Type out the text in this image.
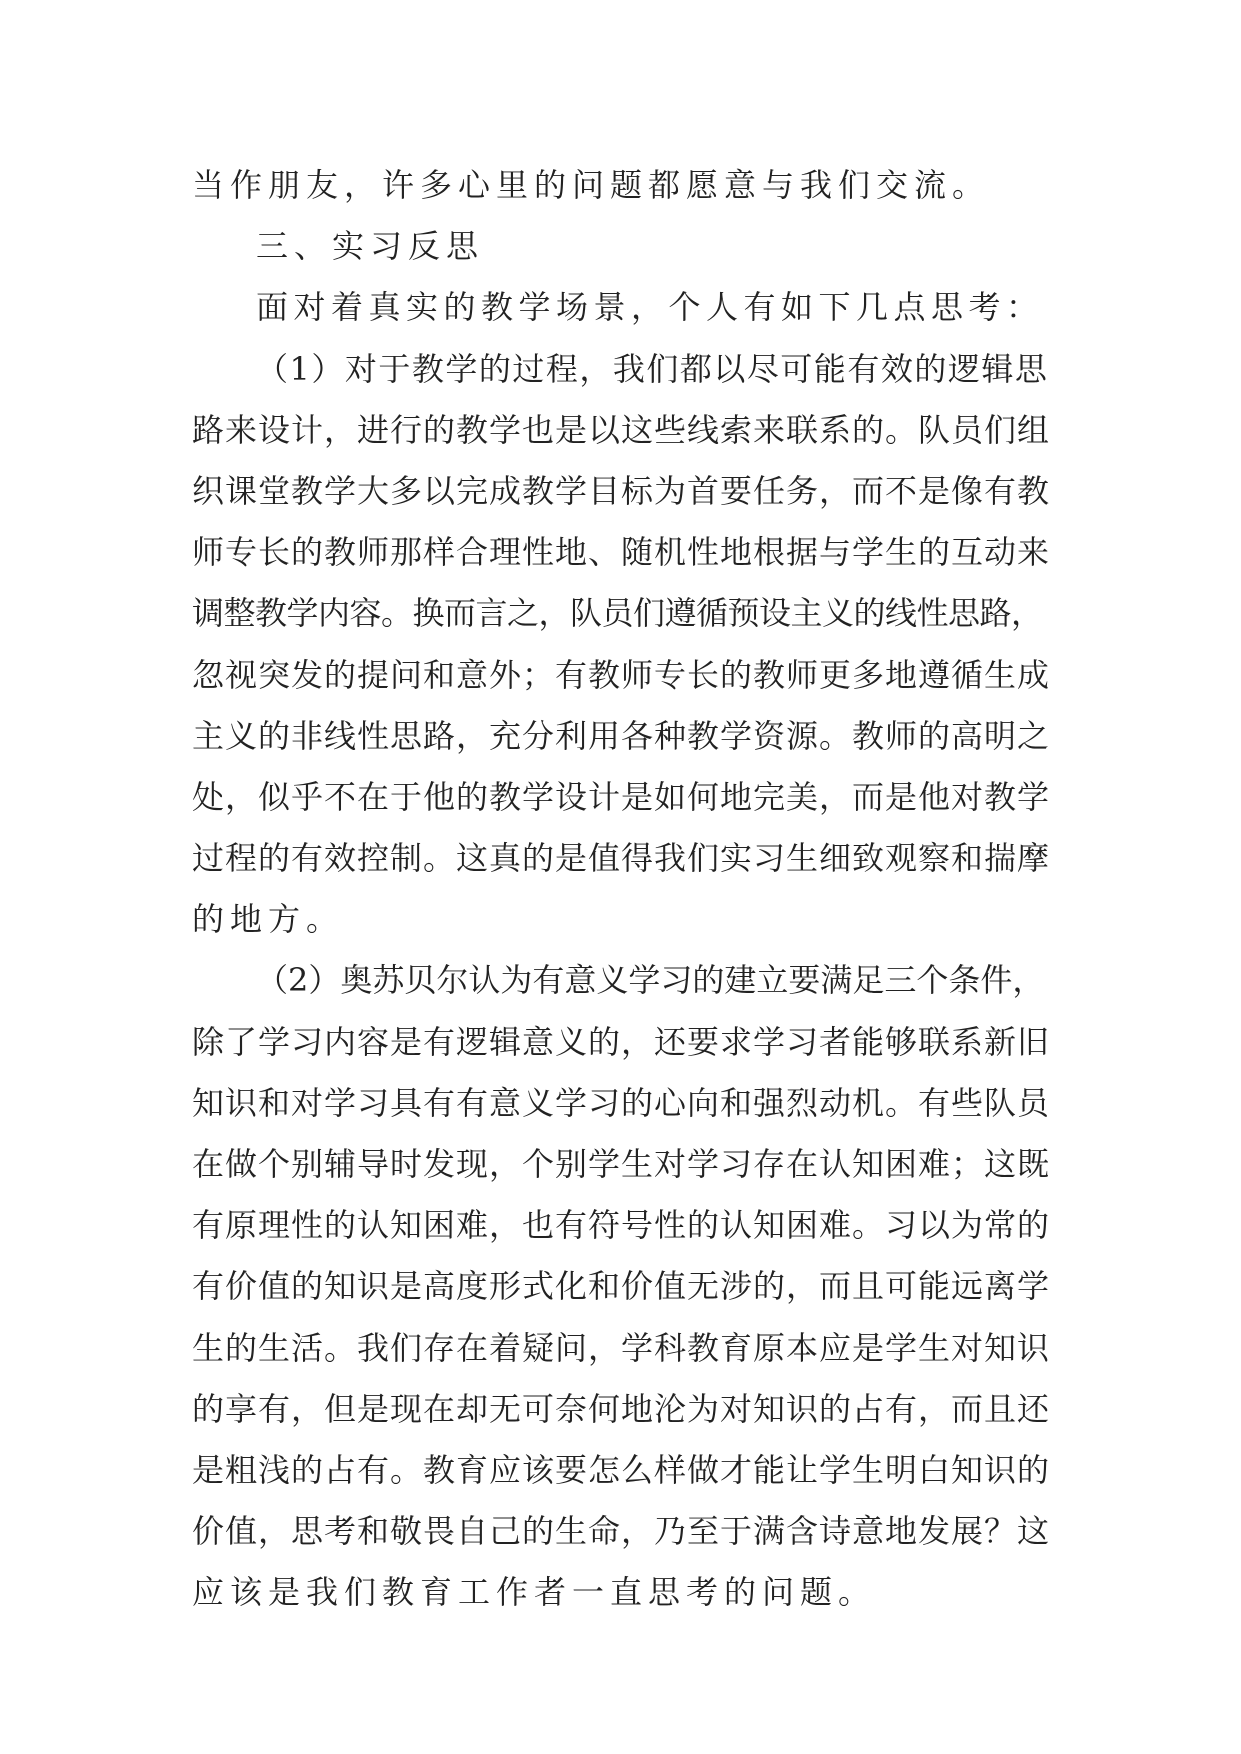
当作朋友，许多心里的问题都愿意与我们交流。
三、实习反思
面对着真实的教学场景，个人有如下几点思考：
（1）对于教学的过程，我们都以尽可能有效的逻辑思
路来设计，进行的教学也是以这些线索来联系的。队员们组
织课堂教学大多以完成教学目标为首要任务，而不是像有教
师专长的教师那样合理性地、随机性地根据与学生的互动来
调整教学内容。换而言之，队员们遵循预设主义的线性思路，
忽视突发的提问和意外；有教师专长的教师更多地遵循生成
主义的非线性思路，充分利用各种教学资源。教师的高明之
处，似乎不在于他的教学设计是如何地完美，而是他对教学
过程的有效控制。这真的是值得我们实习生细致观察和揣摩
的地方。
（2）奥苏贝尔认为有意义学习的建立要满足三个条件，
除了学习内容是有逻辑意义的，还要求学习者能够联系新旧
知识和对学习具有有意义学习的心向和强烈动机。有些队员
在做个别辅导时发现，个别学生对学习存在认知困难；这既
有原理性的认知困难，也有符号性的认知困难。习以为常的
有价值的知识是高度形式化和价值无涉的，而且可能远离学
生的生活。我们存在着疑问，学科教育原本应是学生对知识
的享有，但是现在却无可奈何地沦为对知识的占有，而且还
是粗浅的占有。教育应该要怎么样做才能让学生明白知识的
价值，思考和敬畏自己的生命，乃至于满含诗意地发展？这
应该是我们教育工作者一直思考的问题。
